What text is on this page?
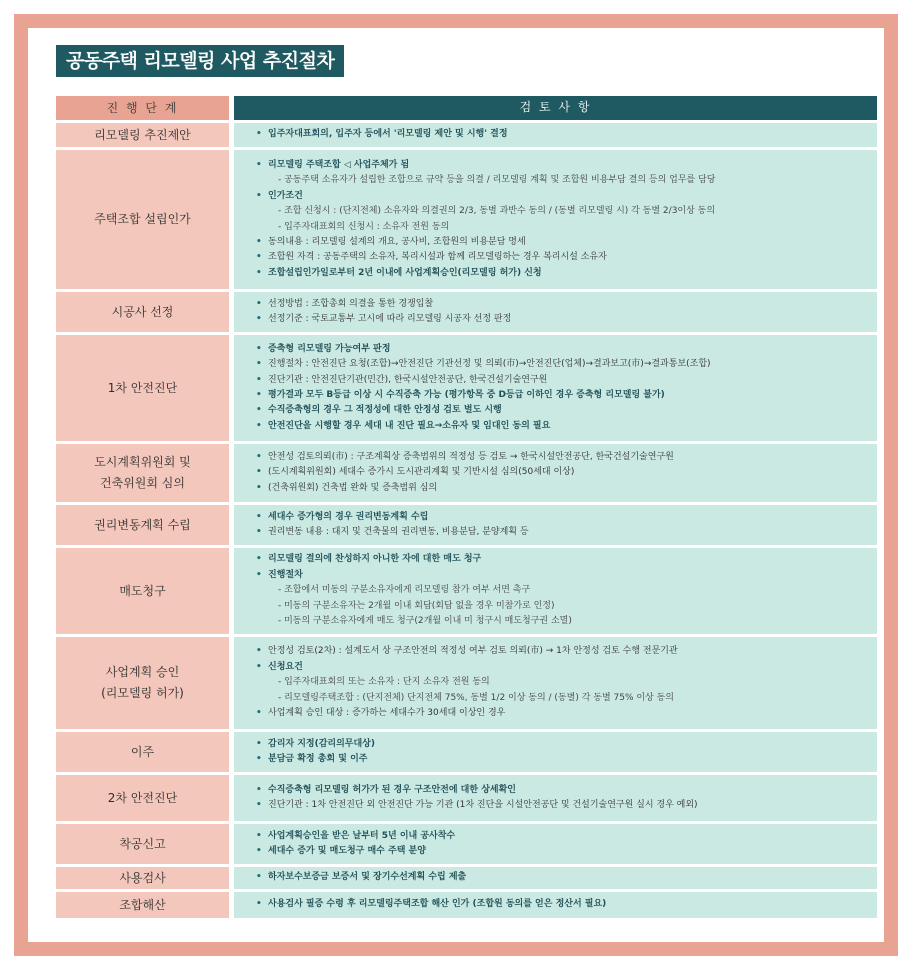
공동주택 리모델링 사업 추진절차
진 행 단 계	검 토 사 항
리모델링 추진제안	• 입주자대표회의, 입주자 등에서 '리모델링 제안 및 시행' 결정
주택조합 설립인가
• 리모델링 주택조합 ◁ 사업주체가 됨
- 공동주택 소유자가 설립한 조합으로 규약 등을 의결 / 리모델링 계획 및 조합원 비용부담 결의 등의 업무를 담당
• 인가조건
- 조합 신청시 : (단지전체) 소유자와 의결권의 2/3, 동별 과반수 동의 / (동별 리모델링 시) 각 동별 2/3이상 동의
- 입주자대표회의 신청시 : 소유자 전원 동의
• 동의내용 : 리모델링 설계의 개요, 공사비, 조합원의 비용분담 명세
• 조합원 자격 : 공동주택의 소유자, 복리시설과 함께 리모델링하는 경우 복리시설 소유자
• 조합설립인가일로부터 2년 이내에 사업계획승인(리모델링 허가) 신청
시공사 선정
• 선정방법 : 조합총회 의결을 통한 경쟁입찰
• 선정기준 : 국토교통부 고시에 따라 리모델링 시공자 선정 판정
1차 안전진단
• 증축형 리모델링 가능여부 판정
• 진행절차 : 안전진단 요청(조합)→안전진단 기관선정 및 의뢰(市)→안전진단(업체)→결과보고(市)→결과통보(조합)
• 진단기관 : 안전진단기관(민간), 한국시설안전공단, 한국건설기술연구원
• 평가결과 모두 B등급 이상 시 수직증축 가능 (평가항목 중 D등급 이하인 경우 증축형 리모델링 불가)
• 수직증축형의 경우 그 적정성에 대한 안정성 검토 별도 시행
• 안전진단을 시행할 경우 세대 내 진단 필요→소유자 및 임대인 동의 필요
도시계획위원회 및
건축위원회 심의
• 안전성 검토의뢰(市) : 구조계획상 증축범위의 적정성 등 검토 → 한국시설안전공단, 한국건설기술연구원
• (도시계획위원회) 세대수 증가시 도시관리계획 및 기반시설 심의(50세대 이상)
• (건축위원회) 건축법 완화 및 증축범위 심의
권리변동계획 수립
• 세대수 증가형의 경우 권리변동계획 수립
• 권리변동 내용 : 대지 및 건축물의 권리변동, 비용분담, 분양계획 등
매도청구
• 리모델링 결의에 찬성하지 아니한 자에 대한 매도 청구
• 진행절차
- 조합에서 미동의 구분소유자에게 리모델링 참가 여부 서면 촉구
- 미동의 구분소유자는 2개월 이내 회답(회답 없을 경우 미참가로 인정)
- 미동의 구분소유자에게 매도 청구(2개월 이내 미 청구시 매도청구권 소멸)
사업계획 승인
(리모델링 허가)
• 안정성 검토(2차) : 설계도서 상 구조안전의 적정성 여부 검토 의뢰(市) → 1차 안정성 검토 수행 전문기관
• 신청요건
- 입주자대표회의 또는 소유자 : 단지 소유자 전원 동의
- 리모델링주택조합 : (단지전체) 단지전체 75%, 동별 1/2 이상 동의 / (동별) 각 동별 75% 이상 동의
• 사업계획 승인 대상 : 증가하는 세대수가 30세대 이상인 경우
이주
• 감리자 지정(감리의무대상)
• 분담금 확정 총회 및 이주
2차 안전진단
• 수직증축형 리모델링 허가가 된 경우 구조안전에 대한 상세확인
• 진단기관 : 1차 안전진단 외 안전진단 가능 기관 (1차 진단을 시설안전공단 및 건설기술연구원 실시 경우 예외)
착공신고
• 사업계획승인을 받은 날부터 5년 이내 공사착수
• 세대수 증가 및 매도청구 매수 주택 분양
사용검사	• 하자보수보증금 보증서 및 장기수선계획 수립 제출
조합해산	• 사용검사 필증 수령 후 리모델링주택조합 해산 인가 (조합원 동의를 얻은 정산서 필요)
